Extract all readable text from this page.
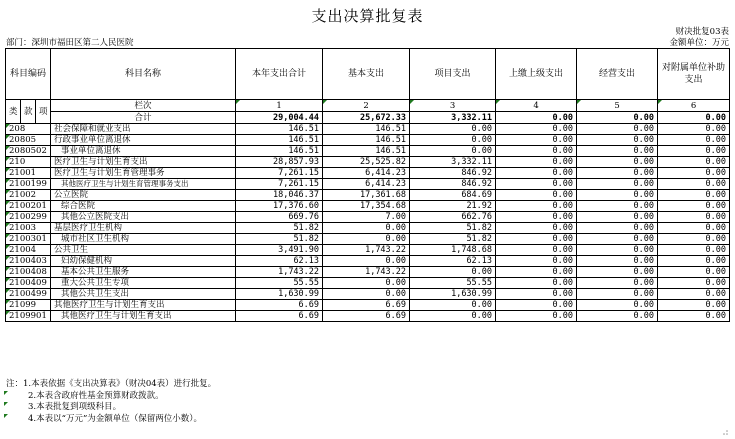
支出决算批复表
财决批复03表
部门：深圳市福田区第二人民医院	金额单位：万元
科目编码			科目名称	本年支出合计	基本支出	项目支出	上缴上级支出	经营支出	对附属单位补助支出
类	款	项	栏次	1	2	3	4	5	6
			合计	29,004.44	25,672.33	3,332.11	0.00	0.00	0.00
208			社会保障和就业支出	146.51	146.51	0.00	0.00	0.00	0.00
20805			行政事业单位离退休	146.51	146.51	0.00	0.00	0.00	0.00
2080502			事业单位离退休	146.51	146.51	0.00	0.00	0.00	0.00
210			医疗卫生与计划生育支出	28,857.93	25,525.82	3,332.11	0.00	0.00	0.00
21001			医疗卫生与计划生育管理事务	7,261.15	6,414.23	846.92	0.00	0.00	0.00
2100199			其他医疗卫生与计划生育管理事务支出	7,261.15	6,414.23	846.92	0.00	0.00	0.00
21002			公立医院	18,046.37	17,361.68	684.69	0.00	0.00	0.00
2100201			综合医院	17,376.60	17,354.68	21.92	0.00	0.00	0.00
2100299			其他公立医院支出	669.76	7.00	662.76	0.00	0.00	0.00
21003			基层医疗卫生机构	51.82	0.00	51.82	0.00	0.00	0.00
2100301			城市社区卫生机构	51.82	0.00	51.82	0.00	0.00	0.00
21004			公共卫生	3,491.90	1,743.22	1,748.68	0.00	0.00	0.00
2100403			妇幼保健机构	62.13	0.00	62.13	0.00	0.00	0.00
2100408			基本公共卫生服务	1,743.22	1,743.22	0.00	0.00	0.00	0.00
2100409			重大公共卫生专项	55.55	0.00	55.55	0.00	0.00	0.00
2100499			其他公共卫生支出	1,630.99	0.00	1,630.99	0.00	0.00	0.00
21099			其他医疗卫生与计划生育支出	6.69	6.69	0.00	0.00	0.00	0.00
2109901			其他医疗卫生与计划生育支出	6.69	6.69	0.00	0.00	0.00	0.00
注：1.本表依据《支出决算表》（财决04表）进行批复。
2.本表含政府性基金预算财政拨款。
3.本表批复到项级科目。
4.本表以“万元”为金额单位（保留两位小数）。
